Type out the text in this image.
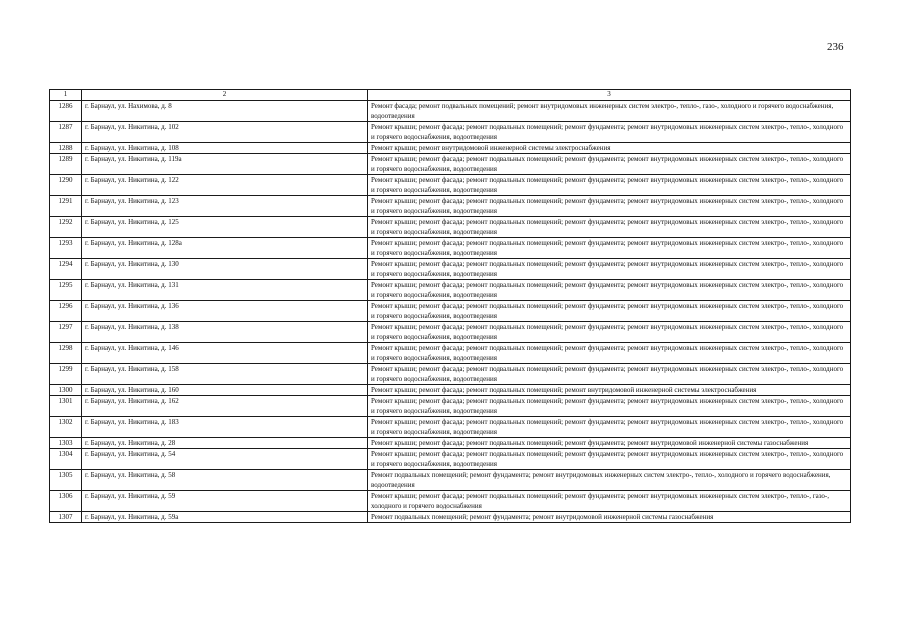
236
1	2	3
1286	г. Барнаул, ул. Нахимова, д. 8	Ремонт фасада; ремонт подвальных помещений; ремонт внутридомовых инженерных систем электро-, тепло-, газо-, холодного и горячего водоснабжения, водоотведения
1287	г. Барнаул, ул. Никитина, д. 102	Ремонт крыши; ремонт фасада; ремонт подвальных помещений; ремонт фундамента; ремонт внутридомовых инженерных систем электро-, тепло-, холодного и горячего водоснабжения, водоотведения
1288	г. Барнаул, ул. Никитина, д. 108	Ремонт крыши; ремонт внутридомовой инженерной системы электроснабжения
1289	г. Барнаул, ул. Никитина, д. 119а	Ремонт крыши; ремонт фасада; ремонт подвальных помещений; ремонт фундамента; ремонт внутридомовых инженерных систем электро-, тепло-, холодного и горячего водоснабжения, водоотведения
1290	г. Барнаул, ул. Никитина, д. 122	Ремонт крыши; ремонт фасада; ремонт подвальных помещений; ремонт фундамента; ремонт внутридомовых инженерных систем электро-, тепло-, холодного и горячего водоснабжения, водоотведения
1291	г. Барнаул, ул. Никитина, д. 123	Ремонт крыши; ремонт фасада; ремонт подвальных помещений; ремонт фундамента; ремонт внутридомовых инженерных систем электро-, тепло-, холодного и горячего водоснабжения, водоотведения
1292	г. Барнаул, ул. Никитина, д. 125	Ремонт крыши; ремонт фасада; ремонт подвальных помещений; ремонт фундамента; ремонт внутридомовых инженерных систем электро-, тепло-, холодного и горячего водоснабжения, водоотведения
1293	г. Барнаул, ул. Никитина, д. 128а	Ремонт крыши; ремонт фасада; ремонт подвальных помещений; ремонт фундамента; ремонт внутридомовых инженерных систем электро-, тепло-, холодного и горячего водоснабжения, водоотведения
1294	г. Барнаул, ул. Никитина, д. 130	Ремонт крыши; ремонт фасада; ремонт подвальных помещений; ремонт фундамента; ремонт внутридомовых инженерных систем электро-, тепло-, холодного и горячего водоснабжения, водоотведения
1295	г. Барнаул, ул. Никитина, д. 131	Ремонт крыши; ремонт фасада; ремонт подвальных помещений; ремонт фундамента; ремонт внутридомовых инженерных систем электро-, тепло-, холодного и горячего водоснабжения, водоотведения
1296	г. Барнаул, ул. Никитина, д. 136	Ремонт крыши; ремонт фасада; ремонт подвальных помещений; ремонт фундамента; ремонт внутридомовых инженерных систем электро-, тепло-, холодного и горячего водоснабжения, водоотведения
1297	г. Барнаул, ул. Никитина, д. 138	Ремонт крыши; ремонт фасада; ремонт подвальных помещений; ремонт фундамента; ремонт внутридомовых инженерных систем электро-, тепло-, холодного и горячего водоснабжения, водоотведения
1298	г. Барнаул, ул. Никитина, д. 146	Ремонт крыши; ремонт фасада; ремонт подвальных помещений; ремонт фундамента; ремонт внутридомовых инженерных систем электро-, тепло-, холодного и горячего водоснабжения, водоотведения
1299	г. Барнаул, ул. Никитина, д. 158	Ремонт крыши; ремонт фасада; ремонт подвальных помещений; ремонт фундамента; ремонт внутридомовых инженерных систем электро-, тепло-, холодного и горячего водоснабжения, водоотведения
1300	г. Барнаул, ул. Никитина, д. 160	Ремонт крыши; ремонт фасада; ремонт подвальных помещений; ремонт внутридомовой инженерной системы электроснабжения
1301	г. Барнаул, ул. Никитина, д. 162	Ремонт крыши; ремонт фасада; ремонт подвальных помещений; ремонт фундамента; ремонт внутридомовых инженерных систем электро-, тепло-, холодного и горячего водоснабжения, водоотведения
1302	г. Барнаул, ул. Никитина, д. 183	Ремонт крыши; ремонт фасада; ремонт подвальных помещений; ремонт фундамента; ремонт внутридомовых инженерных систем электро-, тепло-, холодного и горячего водоснабжения, водоотведения
1303	г. Барнаул, ул. Никитина, д. 28	Ремонт крыши; ремонт фасада; ремонт подвальных помещений; ремонт фундамента; ремонт внутридомовой инженерной системы газоснабжения
1304	г. Барнаул, ул. Никитина, д. 54	Ремонт крыши; ремонт фасада; ремонт подвальных помещений; ремонт фундамента; ремонт внутридомовых инженерных систем электро-, тепло-, холодного и горячего водоснабжения, водоотведения
1305	г. Барнаул, ул. Никитина, д. 58	Ремонт подвальных помещений; ремонт фундамента; ремонт внутридомовых инженерных систем электро-, тепло-, холодного и горячего водоснабжения, водоотведения
1306	г. Барнаул, ул. Никитина, д. 59	Ремонт крыши; ремонт фасада; ремонт подвальных помещений; ремонт фундамента; ремонт внутридомовых инженерных систем электро-, тепло-, газо-, холодного и горячего водоснабжения
1307	г. Барнаул, ул. Никитина, д. 59а	Ремонт подвальных помещений; ремонт фундамента; ремонт внутридомовой инженерной системы газоснабжения
